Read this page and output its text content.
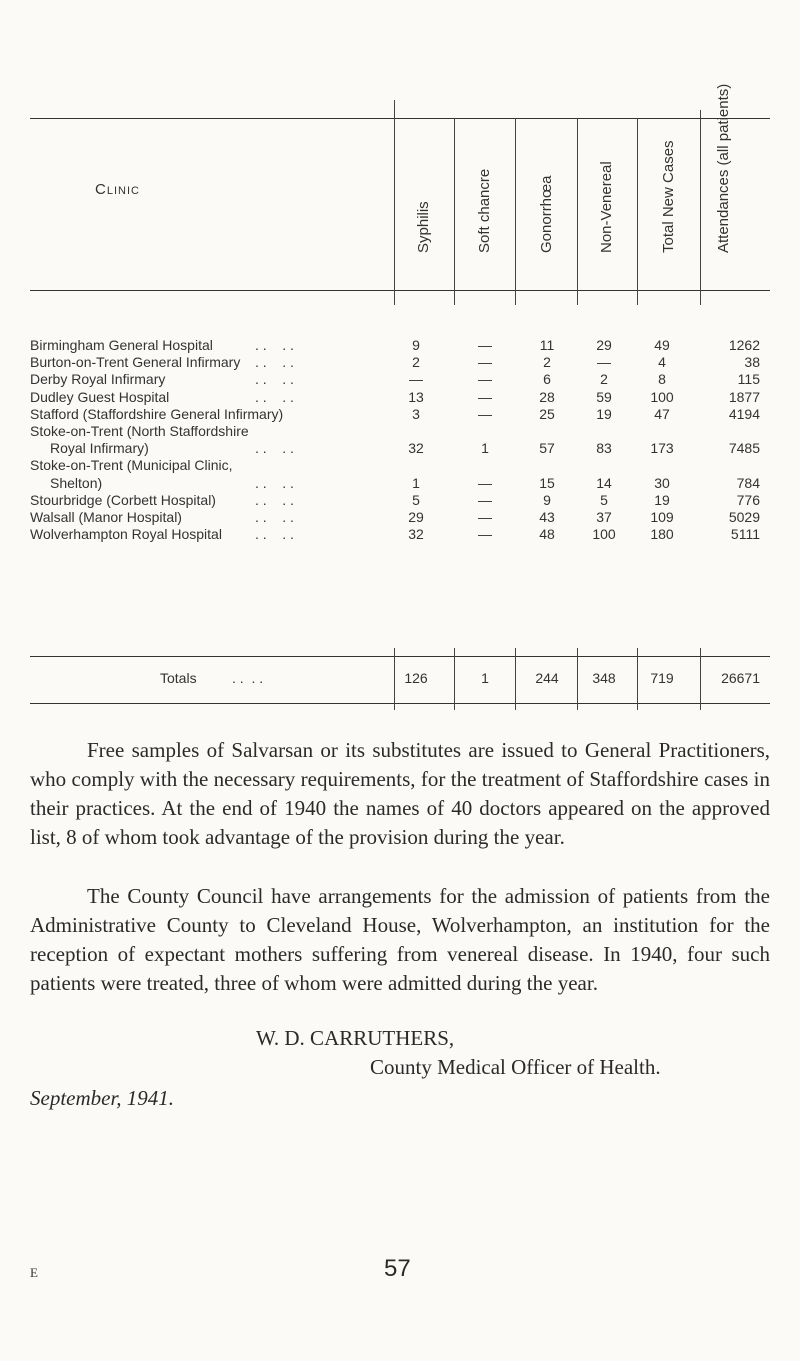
Clinic
Syphilis	Soft chancre	Gonorrhœa	Non-Venereal	Total New Cases	Attendances (all patients)
Birmingham General Hospital	. .    . .	9	—	11	29	49	1262
Burton-on-Trent General Infirmary . .    . .	2	—	2	—	4	38
Derby Royal Infirmary	. .    . .	—	—	6	2	8	115
Dudley Guest Hospital	. .    . .	13	—	28	59	100	1877
Stafford (Staffordshire General Infirmary)	3	—	25	19	47	4194
Stoke-on-Trent (North Staffordshire
Royal Infirmary)	. .    . .	32	1	57	83	173	7485
Stoke-on-Trent (Municipal Clinic,
Shelton)	. .    . .	1	—	15	14	30	784
Stourbridge (Corbett Hospital)	. .    . .	5	—	9	5	19	776
Walsall (Manor Hospital)	. .    . .	29	—	43	37	109	5029
Wolverhampton Royal Hospital . .    . .	32	—	48	100	180	5111
Totals	. .  . .	126	1	244	348	719	26671

Free samples of Salvarsan or its substitutes are issued to General Practitioners, who comply with the necessary requirements, for the treatment of Staffordshire cases in their practices. At the end of 1940 the names of 40 doctors appeared on the approved list, 8 of whom took advantage of the provision during the year.

The County Council have arrangements for the admission of patients from the Administrative County to Cleveland House, Wolverhampton, an institution for the reception of expectant mothers suffering from venereal disease. In 1940, four such patients were treated, three of whom were admitted during the year.

W. D. CARRUTHERS,
County Medical Officer of Health.
September, 1941.
E	57
